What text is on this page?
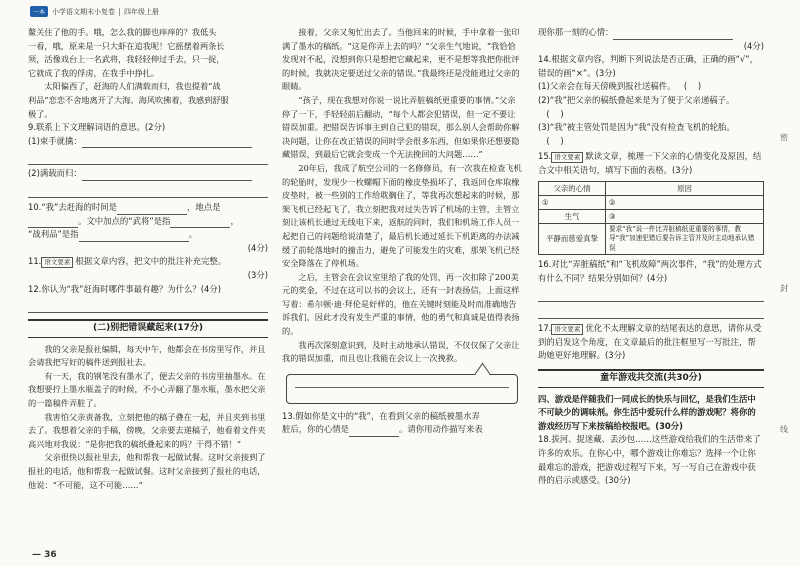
一本	小学语文期末小复卷 四年级上册

鳌关住了他的手。哦，怎么我的脚也痒痒的？我低头

一看，哦，原来是一只大虾在追我呢！它摇摆着两条长

须，活像戏台上一名武将，我轻轻伸过手去，只一捉，

它就成了我的俘虏，在我手中挣扎。

太阳偏西了，赶海的人们满载而归，我也提着“战

利品”恋恋不舍地离开了大海。海风吹拂着，我感到舒服

极了。

9.联系上下文理解词语的意思。(2分)

(1)束手就擒：

(2)满载而归：

10.“我”去赶海的时间是	，地点是

。文中加点的“武将”是指	，

“战利品”是指	。

(4分)

11. 语文要素 根据文章内容，把文中的批注补充完整。

(3分)

12.你认为“我”赶海时哪件事最有趣？为什么？(4分)

(二)别把错误藏起来(17分)

我的父亲是报社编辑，每天中午，他都会在书房里写作，并且会请我把写好的稿件送到报社去。

有一天，我的钢笔没有墨水了，便去父亲的书房里抽墨水。在我想要拧上墨水瓶盖子的时候，不小心弄翻了墨水瓶，墨水把父亲的一篇稿件弄脏了。

我害怕父亲责备我，立刻把他的稿子叠在一起，并且夹到书里去了。我想着父亲的手稿，傍晚，父亲要去递稿子，他看着文件夹高兴地对我说：“是你把我的稿纸叠起来的吗？干得不错！”

父亲很快以报社里去，他和帮我一起做试餐。这时父亲接到了报社的电话，他和帮我一起做试餐。这时父亲接到了报社的电话，他说：“不可能，这不可能……”

接着，父亲又匆忙出去了。当他回来的时候，手中拿着一张印满了墨水的稿纸。“这是你弄上去的吗？”父亲生气地说，“我恰恰发现对不起，没想到你只是想把它藏起来，更不是想等我把你批评的时候，我就决定要送过父亲的错误。”我最终还是没能逃过父亲的眼睛。

“孩子，现在我想对你说一说比弄脏稿纸更重要的事情。”父亲停了一下，手轻轻前后翻动，“每个人都会犯错误，但一定不要让错误加重。把错误告诉事主到自己犯的错误，那么别人会帮助你解决问题，让你在改正错误的同时学会很多东西，但如果你还想要隐藏错误，到最后它就会变成一个无法挽回的大问题……”

20年后，我成了航空公司的一名修修员，有一次我在检查飞机的轮胎时，发现少一枚螺帽下面的橡皮垫损坏了，我返回仓库取橡皮垫时，被一些别的工作给耽搁住了，等我再次想起来的时候，那架飞机已经起飞了，我立刻把我对过失告诉了机场的主管，主管立刻让该机长通过无线电下来，返航的同时，我们和机场工作人员一起把自己的问题给说清楚了，最后机长通过延长下机距离的办法减缓了前轮落地时的撞击力，避免了可能发生的灾难，那架飞机已经安全降落在了停机场。

之后，主管会在会议室里给了我的处罚，再一次扣除了200美元的奖金，不过在这可以书的会议上，还有一封表扬信，上面这样写着：希尔顿·迪·拜伦是好样的，他在关键时刻能及时而准确地告诉我们，因此才没有发生严重的事情，他的勇气和真诚是值得表扬的。

我再次深刻意识到，及时主动地承认错误，不仅仅保了父亲让我的错误加重，而且也让我能在会议上一次挽救。

13.假如你是文中的“我”，在看到父亲的稿纸被墨水弄

脏后，你的心情是	。请你用动作描写来表

现你那一刻的心情：

(4分)

14.根据文章内容，判断下列说法是否正确，正确的画“√”，错误的画“×”。(3分)

(1)父亲会在每天傍晚到报社送稿件。 (    )

(2)“我”把父亲的稿纸叠起来是为了便于父亲递稿子。(    )

(3)“我”被主管处罚是因为“我”没有检查飞机的轮胎。(    )

15. 语文要素 默读文章，梳理一下父亲的心情变化及原因，结合文中相关语句，填写下面的表格。(3分)

父亲的心情	原因
①	②
生气	③
平静而慈爱真挚	要求“我”说一件比弄脏稿纸更重要的事情，教导“我”加速犯错后要告诉主管并及时主动地承认错误

16.对比“弄脏稿纸”和“飞机故障”两次事件，“我”的处理方式有什么不同？结果分别如何？(4分)

17. 语文要素 优化不太理解文章的结尾表达的意思，请你从受到的启发这个角度，在文章最后的批注框里写一写批注，帮助她更好地理解。(3分)

童年游戏共交流(共30分)

四、游戏是伴随我们一同成长的快乐与回忆，是我们生活中不可缺少的调味剂。你生活中爱玩什么样的游戏呢？将你的游戏经历写下来按稿给校报吧。(30分)

18.拔河、捉迷藏、丢沙包……这些游戏给我们的生活带来了许多的欢乐。在你心中，哪个游戏让你难忘？选择一个让你最难忘的游戏，把游戏过程写下来，写一写自己在游戏中获得的启示或感受。(30分)

密
封
线
— 36
